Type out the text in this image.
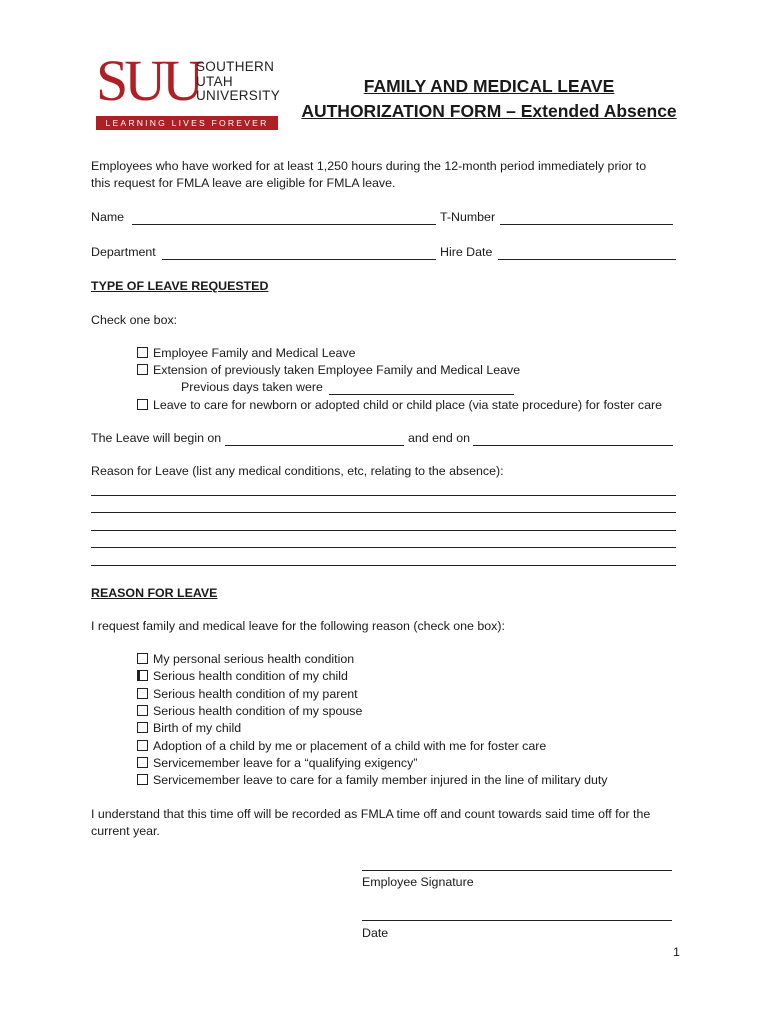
SUU
SOUTHERN
UTAH
UNIVERSITY
LEARNING LIVES FOREVER
FAMILY AND MEDICAL LEAVE
AUTHORIZATION FORM – Extended Absence
Employees who have worked for at least 1,250 hours during the 12-month period immediately prior to
this request for FMLA leave are eligible for FMLA leave.
Name	T-Number
Department	Hire Date
TYPE OF LEAVE REQUESTED
Check one box:
Employee Family and Medical Leave
Extension of previously taken Employee Family and Medical Leave
Previous days taken were
Leave to care for newborn or adopted child or child place (via state procedure) for foster care
The Leave will begin on	and end on
Reason for Leave (list any medical conditions, etc, relating to the absence):
REASON FOR LEAVE
I request family and medical leave for the following reason (check one box):
My personal serious health condition
Serious health condition of my child
Serious health condition of my parent
Serious health condition of my spouse
Birth of my child
Adoption of a child by me or placement of a child with me for foster care
Servicemember leave for a “qualifying exigency”
Servicemember leave to care for a family member injured in the line of military duty
I understand that this time off will be recorded as FMLA time off and count towards said time off for the
current year.
Employee Signature
Date
1
